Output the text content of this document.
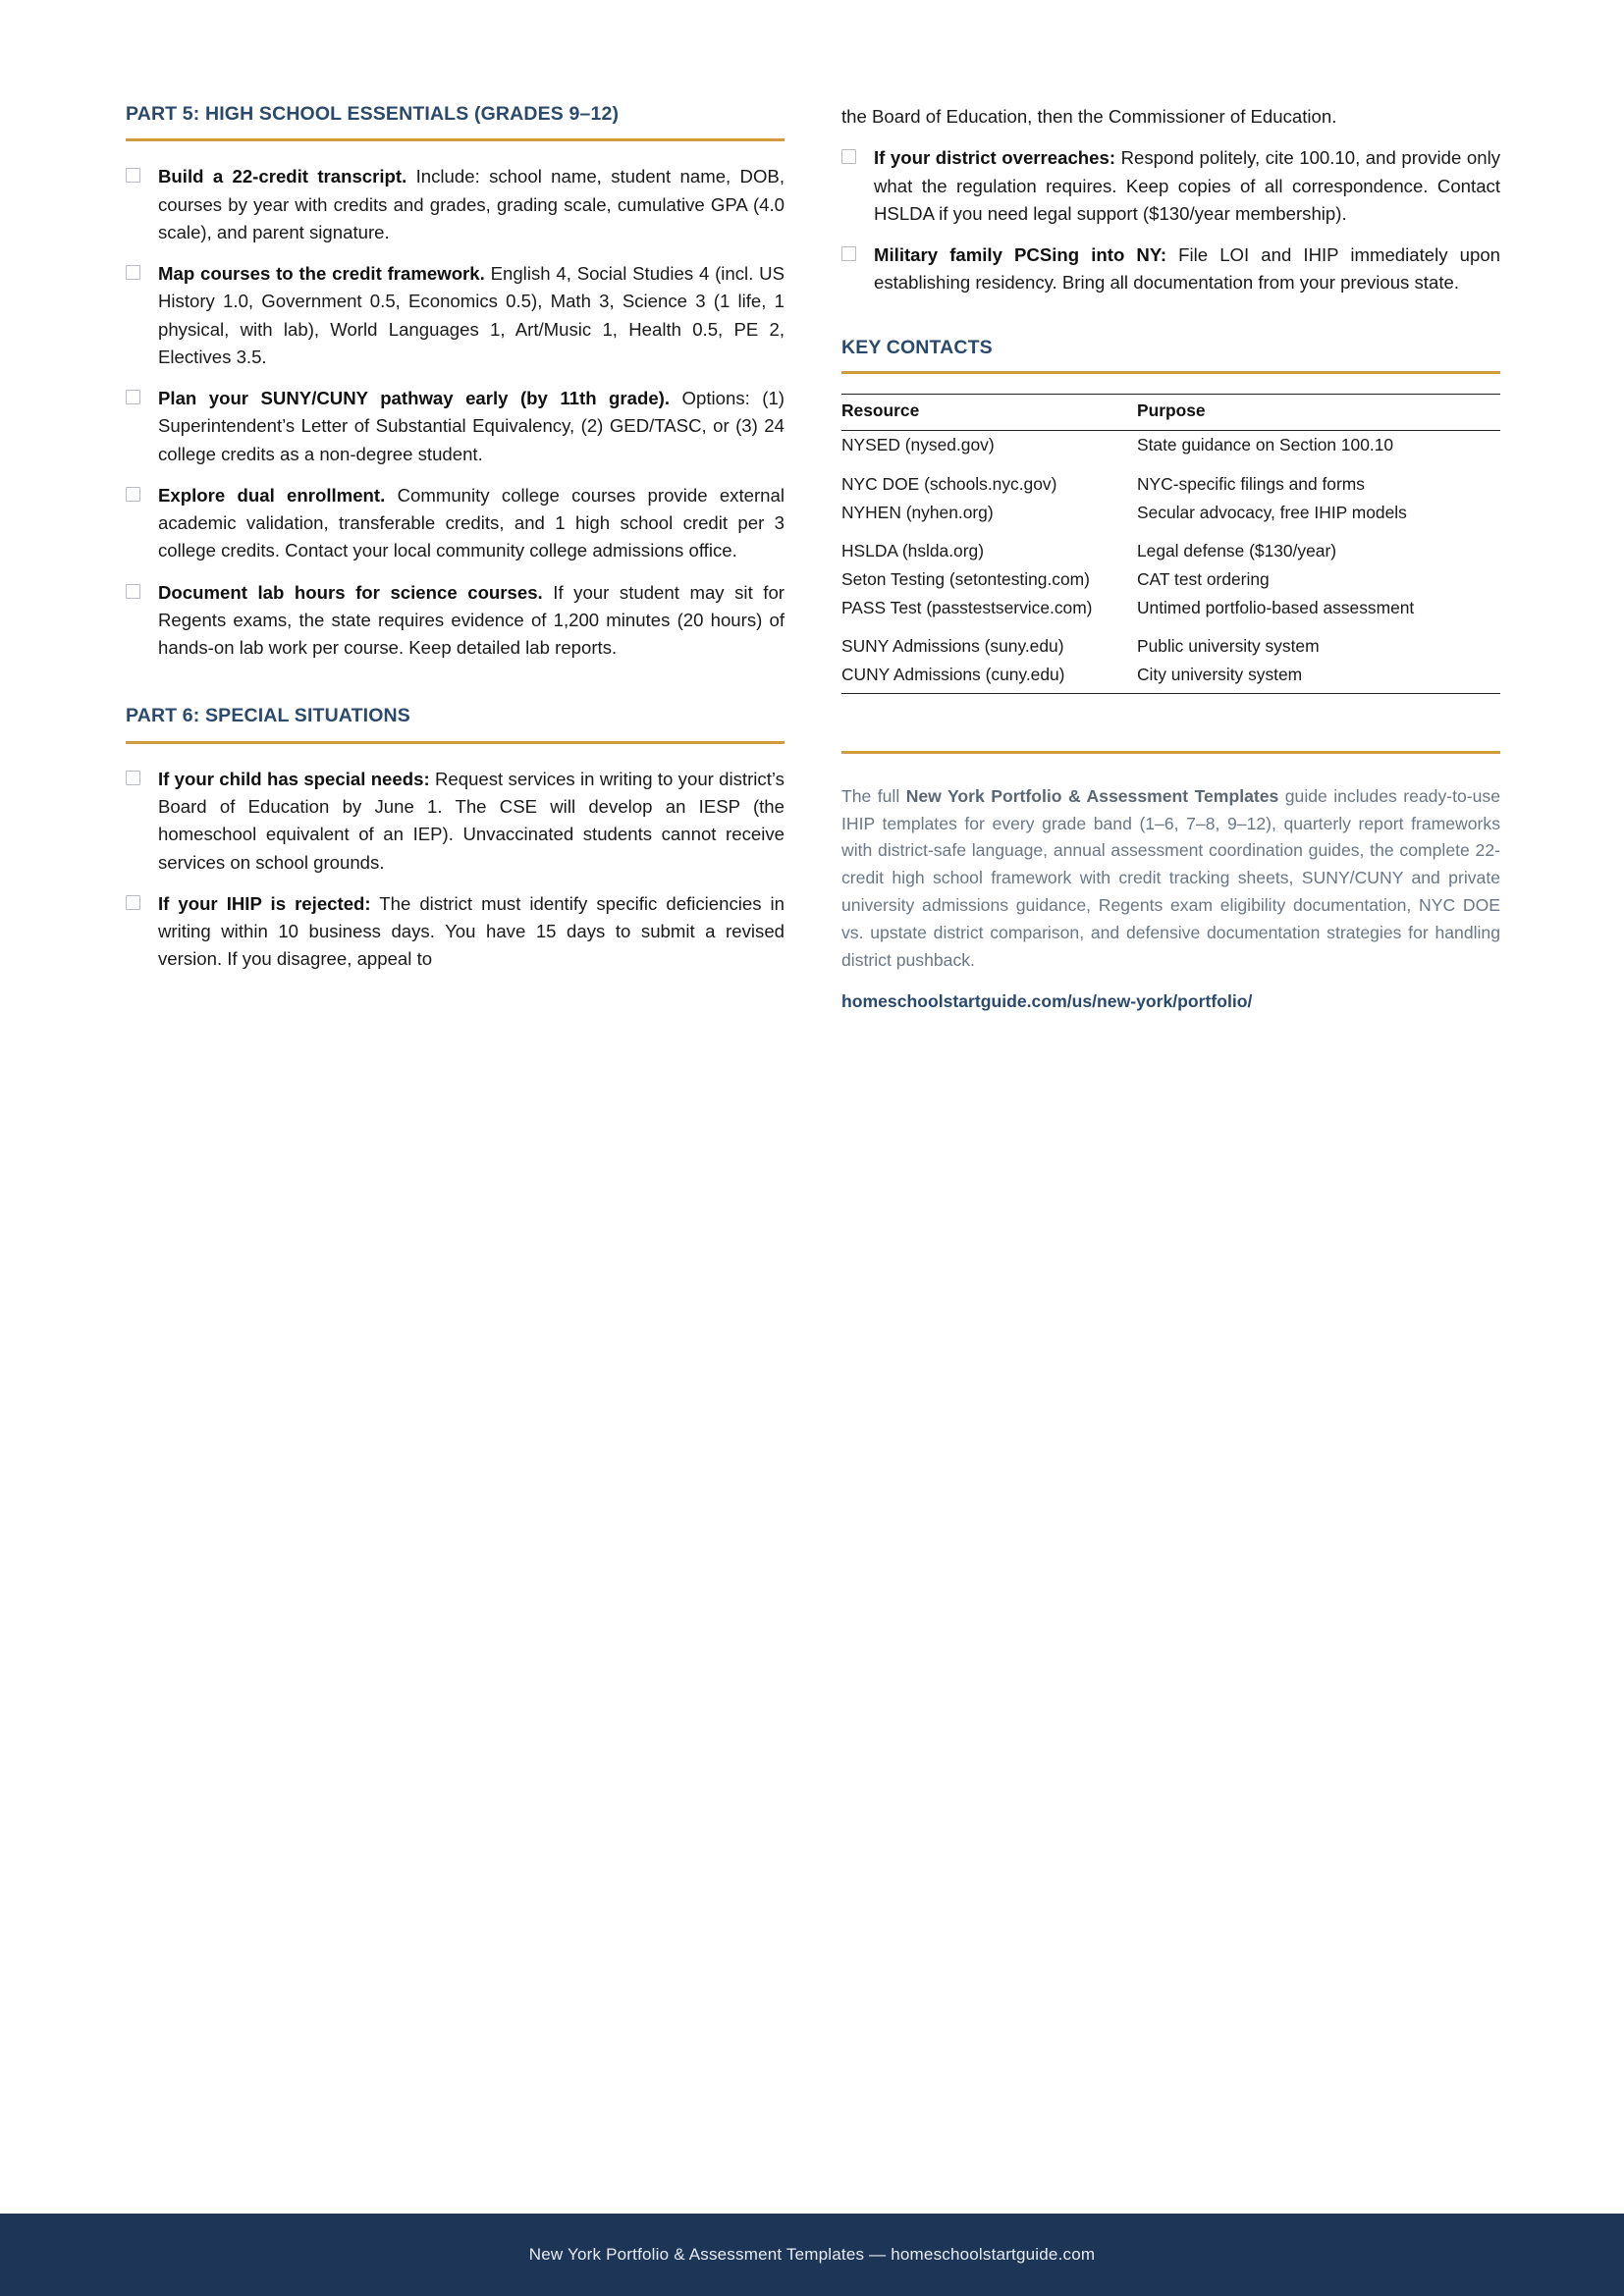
PART 5: HIGH SCHOOL ESSENTIALS (GRADES 9–12)
Build a 22-credit transcript. Include: school name, student name, DOB, courses by year with credits and grades, grading scale, cumulative GPA (4.0 scale), and parent signature.
Map courses to the credit framework. English 4, Social Studies 4 (incl. US History 1.0, Government 0.5, Economics 0.5), Math 3, Science 3 (1 life, 1 physical, with lab), World Languages 1, Art/Music 1, Health 0.5, PE 2, Electives 3.5.
Plan your SUNY/CUNY pathway early (by 11th grade). Options: (1) Superintendent’s Letter of Substantial Equivalency, (2) GED/TASC, or (3) 24 college credits as a non-degree student.
Explore dual enrollment. Community college courses provide external academic validation, transferable credits, and 1 high school credit per 3 college credits. Contact your local community college admissions office.
Document lab hours for science courses. If your student may sit for Regents exams, the state requires evidence of 1,200 minutes (20 hours) of hands-on lab work per course. Keep detailed lab reports.
PART 6: SPECIAL SITUATIONS
If your child has special needs: Request services in writing to your district’s Board of Education by June 1. The CSE will develop an IESP (the homeschool equivalent of an IEP). Unvaccinated students cannot receive services on school grounds.
If your IHIP is rejected: The district must identify specific deficiencies in writing within 10 business days. You have 15 days to submit a revised version. If you disagree, appeal to

the Board of Education, then the Commissioner of Education.

If your district overreaches: Respond politely, cite 100.10, and provide only what the regulation requires. Keep copies of all correspondence. Contact HSLDA if you need legal support ($130/year membership).
Military family PCSing into NY: File LOI and IHIP immediately upon establishing residency. Bring all documentation from your previous state.
KEY CONTACTS
Resource	Purpose
NYSED (nysed.gov)	State guidance on Section 100.10

NYC DOE (schools.nyc.gov)	NYC-specific filings and forms
NYHEN (nyhen.org)	Secular advocacy, free IHIP models

HSLDA (hslda.org)	Legal defense ($130/year)
Seton Testing (setontesting.com)	CAT test ordering
PASS Test (passtestservice.com)	Untimed portfolio-based assessment

SUNY Admissions (suny.edu)	Public university system
CUNY Admissions (cuny.edu)	City university system

The full New York Portfolio & Assessment Templates guide includes ready-to-use IHIP templates for every grade band (1–6, 7–8, 9–12), quarterly report frameworks with district-safe language, annual assessment coordination guides, the complete 22-credit high school framework with credit tracking sheets, SUNY/CUNY and private university admissions guidance, Regents exam eligibility documentation, NYC DOE vs. upstate district comparison, and defensive documentation strategies for handling district pushback.

homeschoolstartguide.com/us/new-york/portfolio/
New York Portfolio & Assessment Templates — homeschoolstartguide.com
